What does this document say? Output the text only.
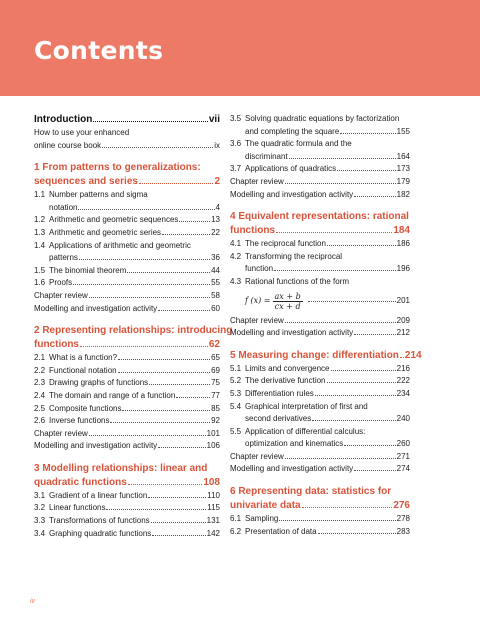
Contents
Introduction	vii
How to use your enhanced
online course book	ix
1 From patterns to generalizations:
sequences and series	2
1.1 Number patterns and sigma
notation	4
1.2 Arithmetic and geometric sequences	13
1.3 Arithmetic and geometric series	22
1.4 Applications of arithmetic and geometric
patterns	36
1.5 The binomial theorem	44
1.6 Proofs	55
Chapter review	58
Modelling and investigation activity	60
2 Representing relationships: introducing
functions	62
2.1 What is a function?	65
2.2 Functional notation	69
2.3 Drawing graphs of functions	75
2.4 The domain and range of a function	77
2.5 Composite functions	85
2.6 Inverse functions	92
Chapter review	101
Modelling and investigation activity	106
3 Modelling relationships: linear and
quadratic functions	108
3.1 Gradient of a linear function	110
3.2 Linear functions	115
3.3 Transformations of functions	131
3.4 Graphing quadratic functions	142
3.5 Solving quadratic equations by factorization
and completing the square	155
3.6 The quadratic formula and the
discriminant	164
3.7 Applications of quadratics	173
Chapter review	179
Modelling and investigation activity	182
4 Equivalent representations: rational
functions	184
4.1 The reciprocal function	186
4.2 Transforming the reciprocal
function	196
4.3 Rational functions of the form
f $(x) = \frac{ax + b}{cx + d}$	201
Chapter review	209
Modelling and investigation activity	212
5 Measuring change: differentiation 214
5.1 Limits and convergence	216
5.2 The derivative function	222
5.3 Differentiation rules	234
5.4 Graphical interpretation of first and
second derivatives	240
5.5 Application of differential calculus:
optimization and kinematics	260
Chapter review	271
Modelling and investigation activity	274
6 Representing data: statistics for
univariate data	276
6.1 Sampling	278
6.2 Presentation of data	283
iv
